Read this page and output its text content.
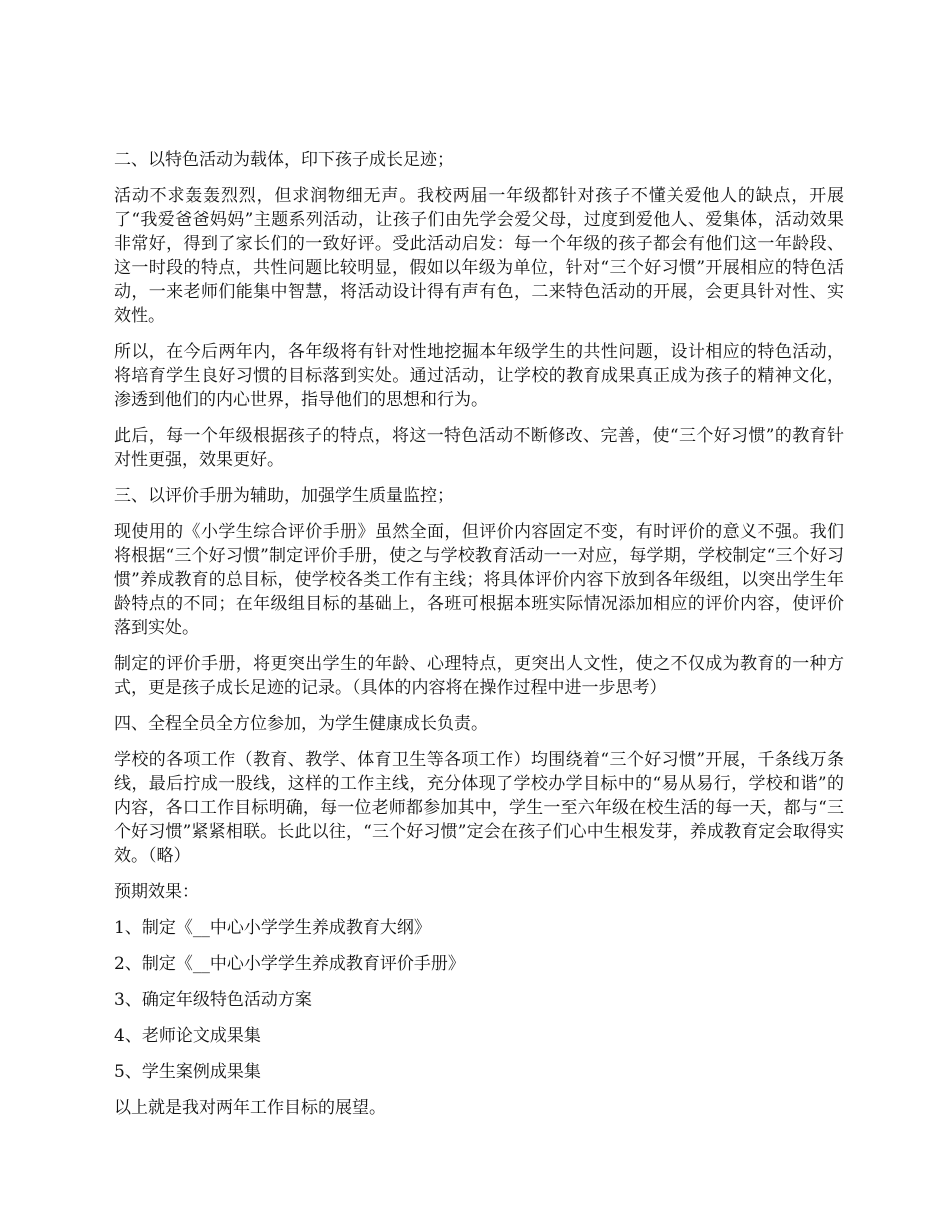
二、以特色活动为载体，印下孩子成长足迹；

活动不求轰轰烈烈，但求润物细无声。我校两届一年级都针对孩子不懂关爱他人的缺点，开展了“我爱爸爸妈妈”主题系列活动，让孩子们由先学会爱父母，过度到爱他人、爱集体，活动效果非常好，得到了家长们的一致好评。受此活动启发：每一个年级的孩子都会有他们这一年龄段、这一时段的特点，共性问题比较明显，假如以年级为单位，针对“三个好习惯”开展相应的特色活动，一来老师们能集中智慧，将活动设计得有声有色，二来特色活动的开展，会更具针对性、实效性。

所以，在今后两年内，各年级将有针对性地挖掘本年级学生的共性问题，设计相应的特色活动，将培育学生良好习惯的目标落到实处。通过活动，让学校的教育成果真正成为孩子的精神文化，渗透到他们的内心世界，指导他们的思想和行为。

此后，每一个年级根据孩子的特点，将这一特色活动不断修改、完善，使“三个好习惯”的教育针对性更强，效果更好。

三、以评价手册为辅助，加强学生质量监控；

现使用的《小学生综合评价手册》虽然全面，但评价内容固定不变，有时评价的意义不强。我们将根据“三个好习惯”制定评价手册，使之与学校教育活动一一对应，每学期，学校制定“三个好习惯”养成教育的总目标，使学校各类工作有主线；将具体评价内容下放到各年级组，以突出学生年龄特点的不同；在年级组目标的基础上，各班可根据本班实际情况添加相应的评价内容，使评价落到实处。

制定的评价手册，将更突出学生的年龄、心理特点，更突出人文性，使之不仅成为教育的一种方式，更是孩子成长足迹的记录。（具体的内容将在操作过程中进一步思考）

四、全程全员全方位参加，为学生健康成长负责。

学校的各项工作（教育、教学、体育卫生等各项工作）均围绕着“三个好习惯”开展，千条线万条线，最后拧成一股线，这样的工作主线，充分体现了学校办学目标中的“易从易行，学校和谐”的内容，各口工作目标明确，每一位老师都参加其中，学生一至六年级在校生活的每一天，都与“三个好习惯”紧紧相联。长此以往，“三个好习惯”定会在孩子们心中生根发芽，养成教育定会取得实效。（略）

预期效果：

1、制定《__中心小学学生养成教育大纲》

2、制定《__中心小学学生养成教育评价手册》

3、确定年级特色活动方案

4、老师论文成果集

5、学生案例成果集

以上就是我对两年工作目标的展望。
